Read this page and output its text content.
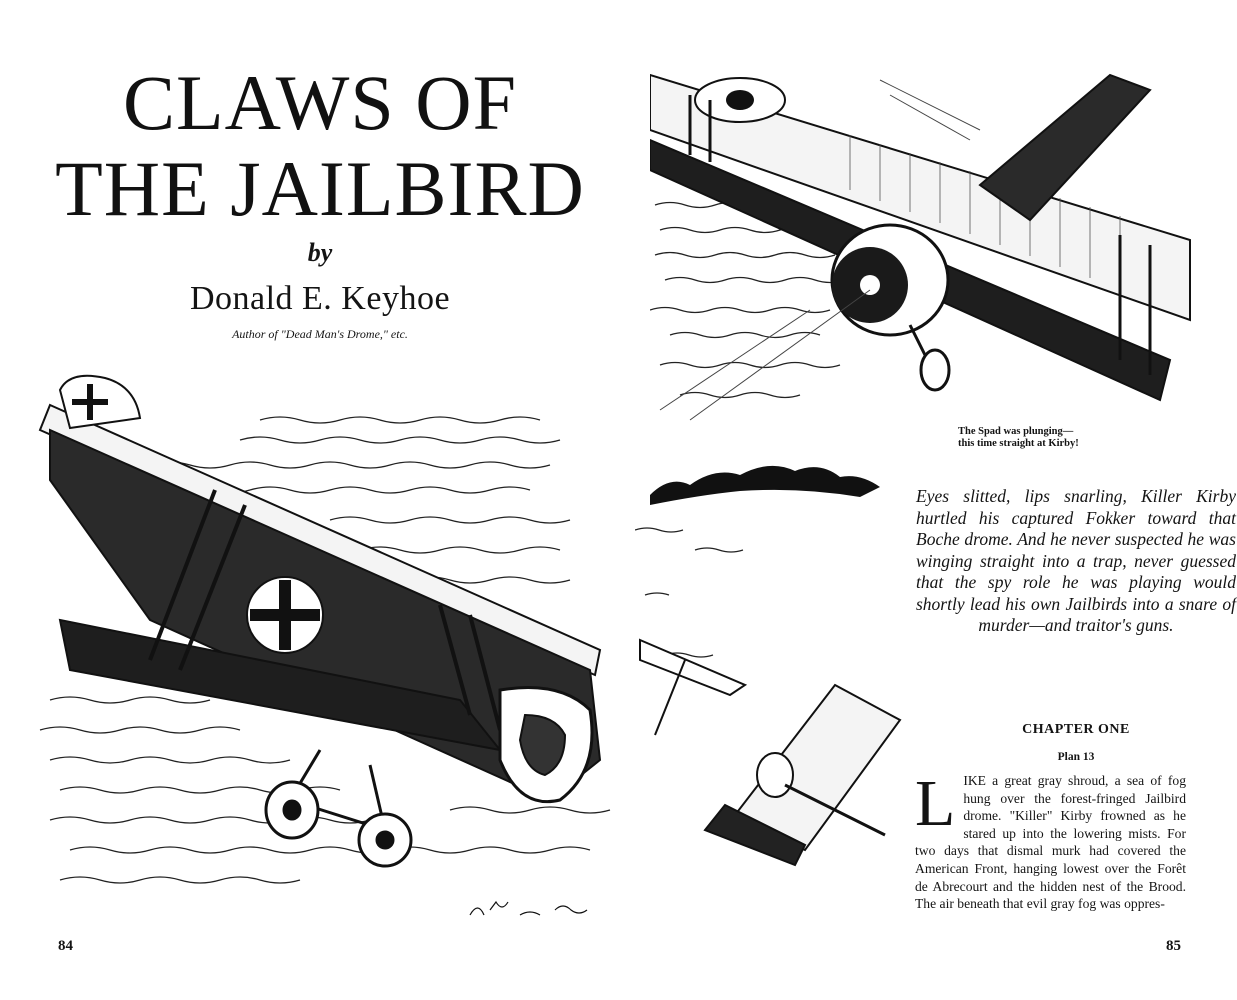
CLAWS OF
THE JAILBIRD
by
Donald E. Keyhoe
Author of "Dead Man's Drome," etc.
84
The Spad was plunging—
this time straight at Kirby!

Eyes slitted, lips snarling, Killer Kirby hurtled his captured Fokker toward that Boche drome. And he never suspected he was winging straight into a trap, never guessed that the spy role he was playing would shortly lead his own Jailbirds into a snare of murder—and traitor's guns.

CHAPTER ONE
Plan 13
L IKE a great gray shroud, a sea of fog hung over the forest-fringed Jailbird drome. "Killer" Kirby frowned as he stared up into the lowering mists. For two days that dismal murk had covered the American Front, hanging lowest over the Forêt de Abrecourt and the hidden nest of the Brood. The air beneath that evil gray fog was oppres-
85
